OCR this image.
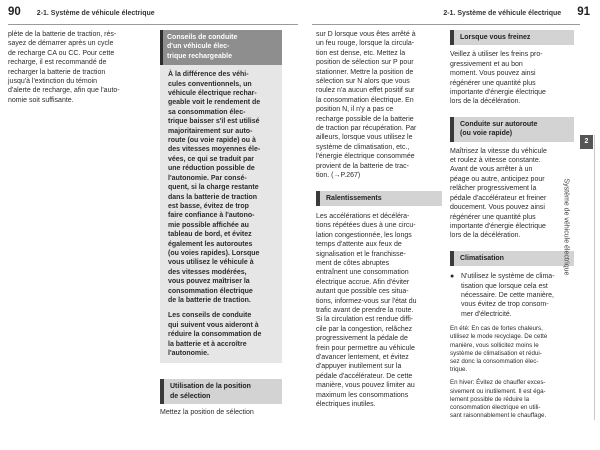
90 2-1. Système de véhicule électrique	2-1. Système de véhicule électrique 91
plète de la batterie de traction, rés-
sayez de démarrer après un cycle
de recharge CA ou CC. Pour cette
recharge, il est recommandé de
recharger la batterie de traction
jusqu'à l'extinction du témoin
d'alerte de recharge, afin que l'auto-
nomie soit suffisante.
Conseils de conduite
d'un véhicule élec-
trique rechargeable
À la différence des véhi-
cules conventionnels, un
véhicule électrique rechar-
geable voit le rendement de
sa consommation élec-
trique baisser s'il est utilisé
majoritairement sur auto-
route (ou voie rapide) ou à
des vitesses moyennes éle-
vées, ce qui se traduit par
une réduction possible de
l'autonomie. Par consé-
quent, si la charge restante
dans la batterie de traction
est basse, évitez de trop
faire confiance à l'autono-
mie possible affichée au
tableau de bord, et évitez
également les autoroutes
(ou voies rapides). Lorsque
vous utilisez le véhicule à
des vitesses modérées,
vous pouvez maîtriser la
consommation électrique
de la batterie de traction.
Les conseils de conduite
qui suivent vous aideront à
réduire la consommation de
la batterie et à accroître
l'autonomie.
Utilisation de la position
de sélection
Mettez la position de sélection
sur D lorsque vous êtes arrêté à
un feu rouge, lorsque la circula-
tion est dense, etc. Mettez la
position de sélection sur P pour
stationner. Mettre la position de
sélection sur N alors que vous
roulez n'a aucun effet positif sur
la consommation électrique. En
position N, il n'y a pas ce
recharge possible de la batterie
de traction par récupération. Par
ailleurs, lorsque vous utilisez le
système de climatisation, etc.,
l'énergie électrique consommée
provient de la batterie de trac-
tion. (→P.267)
Ralentissements
Les accélérations et décéléra-
tions répétées dues à une circu-
lation congestionnée, les longs
temps d'attente aux feux de
signalisation et le franchisse-
ment de côtes abruptes
entraînent une consommation
électrique accrue. Afin d'éviter
autant que possible ces situa-
tions, informez-vous sur l'état du
trafic avant de prendre la route.
Si la circulation est rendue diffi-
cile par la congestion, relâchez
progressivement la pédale de
frein pour permettre au véhicule
d'avancer lentement, et évitez
d'appuyer inutilement sur la
pédale d'accélérateur. De cette
manière, vous pouvez limiter au
maximum les consommations
électriques inutiles.
Lorsque vous freinez
Veillez à utiliser les freins pro-
gressivement et au bon
moment. Vous pouvez ainsi
régénérer une quantité plus
importante d'énergie électrique
lors de la décélération.
Conduite sur autoroute
(ou voie rapide)
Maîtrisez la vitesse du véhicule
et roulez à vitesse constante.
Avant de vous arrêter à un
péage ou autre, anticipez pour
relâcher progressivement la
pédale d'accélérateur et freiner
doucement. Vous pouvez ainsi
régénérer une quantité plus
importante d'énergie électrique
lors de la décélération.
Climatisation
● N'utilisez le système de clima-
tisation que lorsque cela est
nécessaire. De cette manière,
vous évitez de trop consom-
mer d'électricité.
En été: En cas de fortes chaleurs,
utilisez le mode recyclage. De cette
manière, vous sollicitez moins le
système de climatisation et rédui-
sez donc la consommation élec-
trique.
En hiver: Évitez de chauffer exces-
sivement ou inutilement. Il est éga-
lement possible de réduire la
consommation électrique en utili-
sant raisonnablement le chauffage.
2
Système de véhicule électrique
